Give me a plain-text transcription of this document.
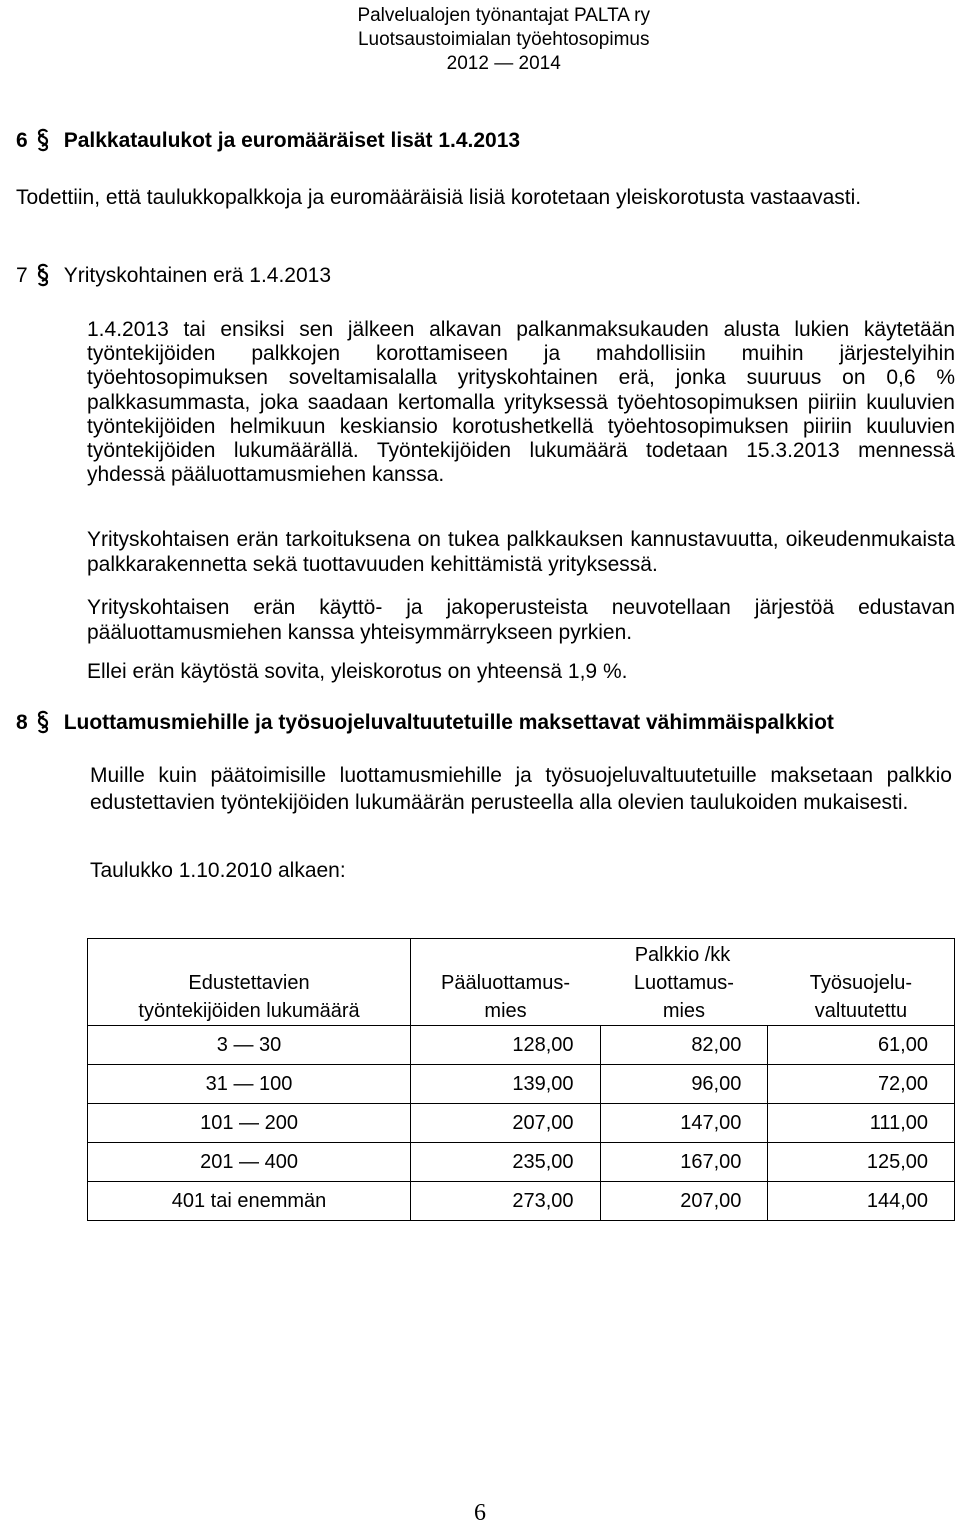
Palvelualojen työnantajat PALTA ry
Luotsaustoimialan työehtosopimus
2012 — 2014
6 Palkkataulukot ja euromääräiset lisät 1.4.2013
Todettiin, että taulukkopalkkoja ja euromääräisiä lisiä korotetaan yleiskorotusta vastaavasti.
7 Yrityskohtainen erä 1.4.2013
1.4.2013 tai ensiksi sen jälkeen alkavan palkanmaksukauden alusta lukien käytetään työntekijöiden palkkojen korottamiseen ja mahdollisiin muihin järjestelyihin työehtosopimuksen soveltamisalalla yrityskohtainen erä, jonka suuruus on 0,6 % palkkasummasta, joka saadaan kertomalla yrityksessä työehtosopimuksen piiriin kuuluvien työntekijöiden helmikuun keskiansio korotushetkellä työehtosopimuksen piiriin kuuluvien työntekijöiden lukumäärällä. Työntekijöiden lukumäärä todetaan 15.3.2013 mennessä yhdessä pääluottamusmiehen kanssa.
Yrityskohtaisen erän tarkoituksena on tukea palkkauksen kannustavuutta, oikeudenmukaista palkkarakennetta sekä tuottavuuden kehittämistä yrityksessä.
Yrityskohtaisen erän käyttö- ja jakoperusteista neuvotellaan järjestöä edustavan pääluottamusmiehen kanssa yhteisymmärrykseen pyrkien.
Ellei erän käytöstä sovita, yleiskorotus on yhteensä 1,9 %.
8 Luottamusmiehille ja työsuojeluvaltuutetuille maksettavat vähimmäispalkkiot
Muille kuin päätoimisille luottamusmiehille ja työsuojeluvaltuutetuille maksetaan palkkio edustettavien työntekijöiden lukumäärän perusteella alla olevien taulukoiden mukaisesti.
Taulukko 1.10.2010 alkaen:
	Palkkio /kk		
Edustettavien työntekijöiden lukumäärä	Pääluottamus- mies	Luottamus- mies	Työsuojelu- valtuutettu
3 — 30	128,00	82,00	61,00
31 — 100	139,00	96,00	72,00
101 — 200	207,00	147,00	111,00
201 — 400	235,00	167,00	125,00
401 tai enemmän	273,00	207,00	144,00
6
